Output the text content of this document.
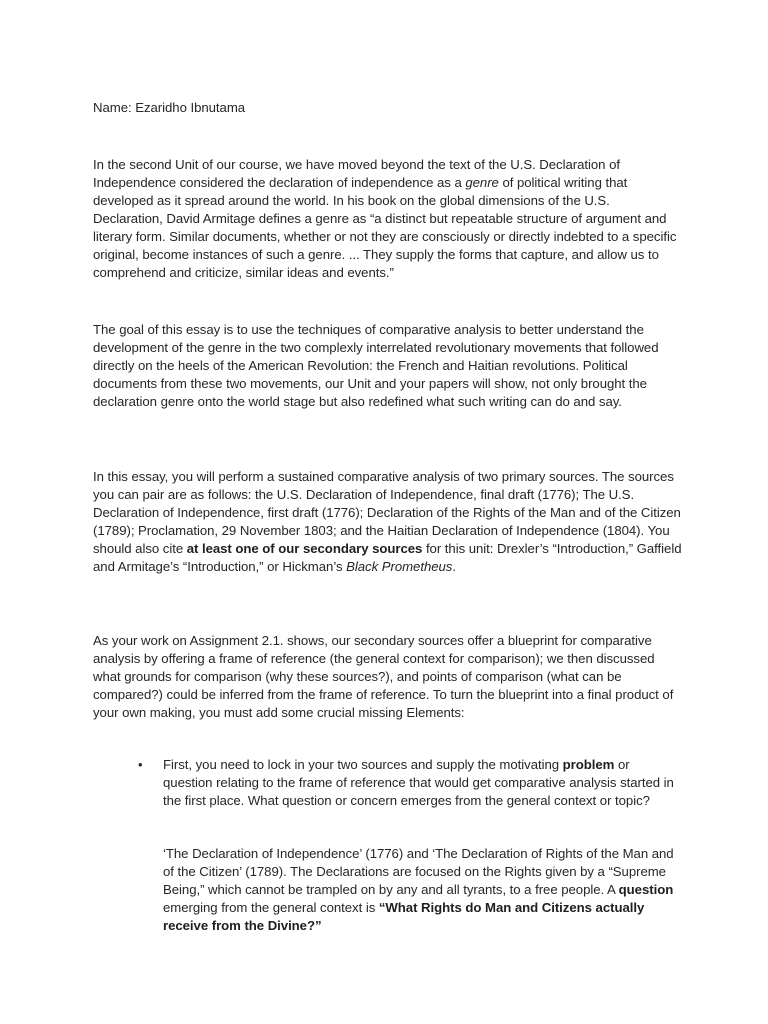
Name: Ezaridho Ibnutama
In the second Unit of our course, we have moved beyond the text of the U.S. Declaration of Independence considered the declaration of independence as a genre of political writing that developed as it spread around the world. In his book on the global dimensions of the U.S. Declaration, David Armitage defines a genre as “a distinct but repeatable structure of argument and literary form. Similar documents, whether or not they are consciously or directly indebted to a specific original, become instances of such a genre. ... They supply the forms that capture, and allow us to comprehend and criticize, similar ideas and events.”
The goal of this essay is to use the techniques of comparative analysis to better understand the development of the genre in the two complexly interrelated revolutionary movements that followed directly on the heels of the American Revolution: the French and Haitian revolutions. Political documents from these two movements, our Unit and your papers will show, not only brought the declaration genre onto the world stage but also redefined what such writing can do and say.
In this essay, you will perform a sustained comparative analysis of two primary sources. The sources you can pair are as follows: the U.S. Declaration of Independence, final draft (1776); The U.S. Declaration of Independence, first draft (1776); Declaration of the Rights of the Man and of the Citizen (1789); Proclamation, 29 November 1803; and the Haitian Declaration of Independence (1804). You should also cite at least one of our secondary sources for this unit: Drexler’s “Introduction,” Gaffield and Armitage’s “Introduction,” or Hickman’s Black Prometheus.
As your work on Assignment 2.1. shows, our secondary sources offer a blueprint for comparative analysis by offering a frame of reference (the general context for comparison); we then discussed what grounds for comparison (why these sources?), and points of comparison (what can be compared?) could be inferred from the frame of reference. To turn the blueprint into a final product of your own making, you must add some crucial missing Elements:
• First, you need to lock in your two sources and supply the motivating problem or question relating to the frame of reference that would get comparative analysis started in the first place. What question or concern emerges from the general context or topic?
‘The Declaration of Independence’ (1776) and ‘The Declaration of Rights of the Man and of the Citizen’ (1789). The Declarations are focused on the Rights given by a “Supreme Being,” which cannot be trampled on by any and all tyrants, to a free people. A question emerging from the general context is “What Rights do Man and Citizens actually receive from the Divine?”
